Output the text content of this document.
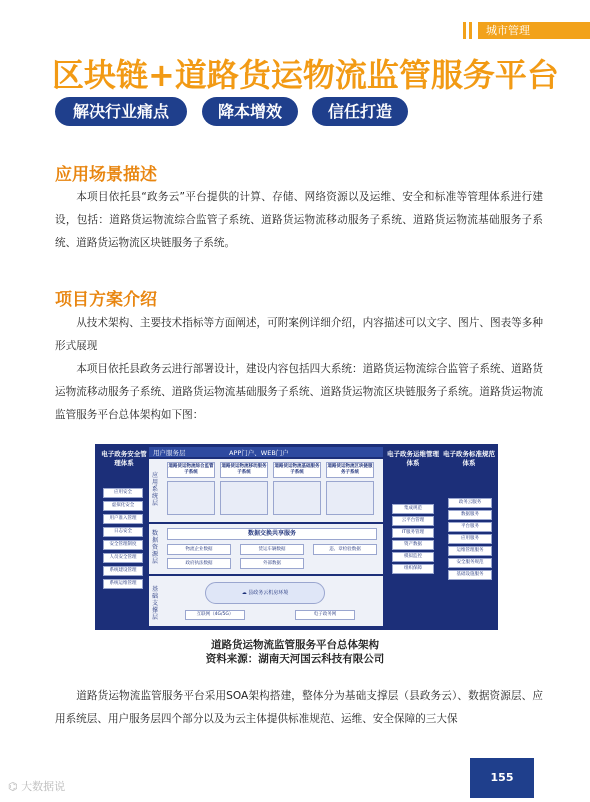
城市管理
区块链+道路货运物流监管服务平台
解决行业痛点	降本增效	信任打造
应用场景描述

本项目依托县“政务云”平台提供的计算、存储、网络资源以及运维、安全和标准等管理体系进行建设，包括：道路货运物流综合监管子系统、道路货运物流移动服务子系统、道路货运物流基础服务子系统、道路货运物流区块链服务子系统。

项目方案介绍

从技术架构、主要技术指标等方面阐述，可附案例详细介绍，内容描述可以文字、图片、图表等多种形式展现

本项目依托县政务云进行部署设计，建设内容包括四大系统：道路货运物流综合监管子系统、道路货运物流移动服务子系统、道路货运物流基础服务子系统、道路货运物流区块链服务子系统。道路货运物流监管服务平台总体架构如下图：

电子政务安全管理体系
应用安全
虚拟化安全
用户准入管理
日志安全
安全管理制度
人员安全管理
系统建设管理
系统运维管理
用户服务层	APP门户、WEB门户
应用系统层
道路货运物流综合监管子系统
道路货运物流移动服务子系统
道路货运物流基础服务子系统
道路货运物流区块链服务子系统
数据资源层
数据交换共享服务
物流企业数据	货运车辆数据	违、章检验数据
政府执法数据	外部数据
基础支撑层
☁ 县政务云机房环境
互联网（4G/5G）	电子政务网
电子政务运维管理体系
集成规范
云平台管理
IT服务管理
资产数据
模拟监控
组织保障
电子政务标准规范体系
政务云服务
数据服务
平台服务
应用服务
运维管理服务
安全服务规范
基础设施服务
道路货运物流监管服务平台总体架构
资料来源：湖南天河国云科技有限公司

道路货运物流监管服务平台采用SOA架构搭建，整体分为基础支撑层（县政务云）、数据资源层、应用系统层、用户服务层四个部分以及为云主体提供标准规范、运维、安全保障的三大保

155
⌬ 大数据说
